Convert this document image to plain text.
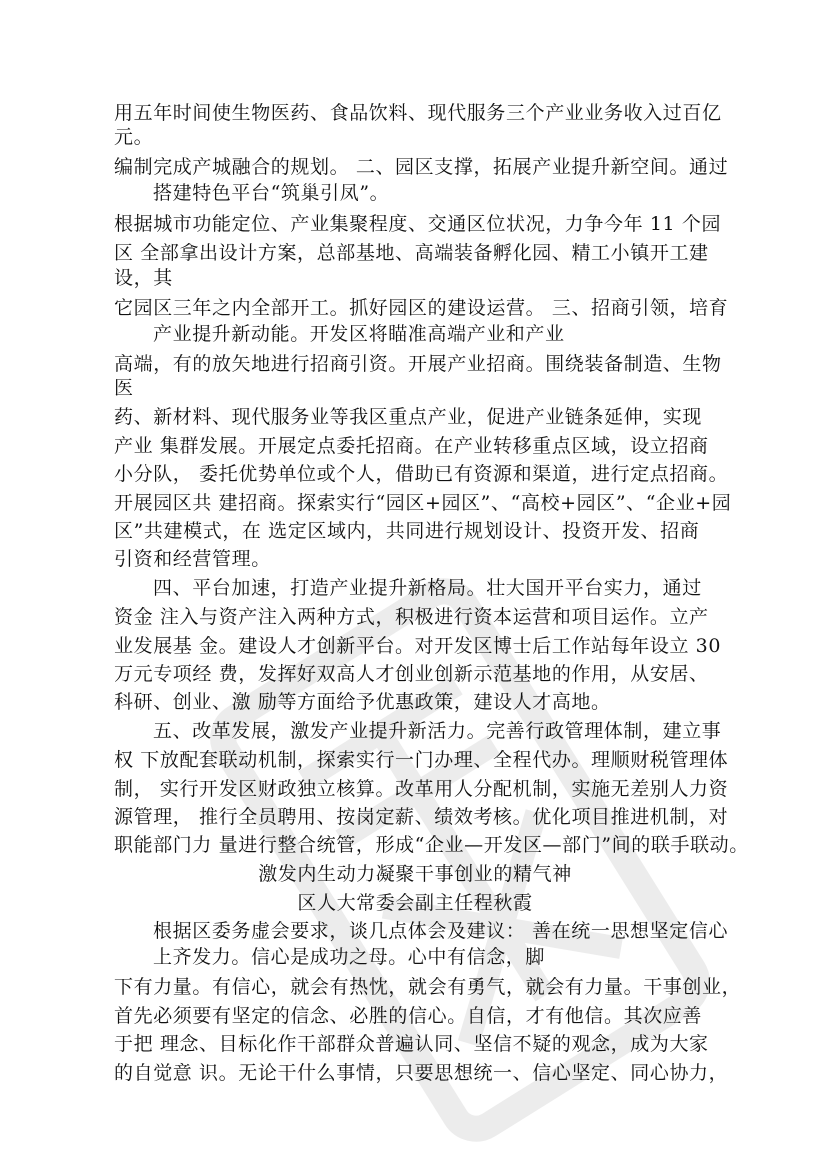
用五年时间使生物医药、食品饮料、现代服务三个产业业务收入过百亿
元。
编制完成产城融合的规划。 二、园区支撑，拓展产业提升新空间。通过
搭建特色平台“筑巢引凤”。
根据城市功能定位、产业集聚程度、交通区位状况，力争今年 11 个园
区 全部拿出设计方案，总部基地、高端装备孵化园、精工小镇开工建
设，其
它园区三年之内全部开工。抓好园区的建设运营。 三、招商引领，培育
产业提升新动能。开发区将瞄准高端产业和产业
高端，有的放矢地进行招商引资。开展产业招商。围绕装备制造、生物
医
药、新材料、现代服务业等我区重点产业，促进产业链条延伸，实现
产业 集群发展。开展定点委托招商。在产业转移重点区域，设立招商
小分队， 委托优势单位或个人，借助已有资源和渠道，进行定点招商。
开展园区共 建招商。探索实行“园区+园区”、“高校+园区”、“企业+园
区”共建模式，在 选定区域内，共同进行规划设计、投资开发、招商
引资和经营管理。
四、平台加速，打造产业提升新格局。壮大国开平台实力，通过
资金 注入与资产注入两种方式，积极进行资本运营和项目运作。立产
业发展基 金。建设人才创新平台。对开发区博士后工作站每年设立 30
万元专项经 费，发挥好双高人才创业创新示范基地的作用，从安居、
科研、创业、激 励等方面给予优惠政策，建设人才高地。
五、改革发展，激发产业提升新活力。完善行政管理体制，建立事
权 下放配套联动机制，探索实行一门办理、全程代办。理顺财税管理体
制， 实行开发区财政独立核算。改革用人分配机制，实施无差别人力资
源管理， 推行全员聘用、按岗定薪、绩效考核。优化项目推进机制，对
职能部门力 量进行整合统管，形成“企业—开发区—部门”间的联手联动。
激发内生动力凝聚干事创业的精气神
区人大常委会副主任程秋霞
根据区委务虚会要求，谈几点体会及建议： 善在统一思想坚定信心
上齐发力。信心是成功之母。心中有信念，脚
下有力量。有信心，就会有热忱，就会有勇气，就会有力量。干事创业，
首先必须要有坚定的信念、必胜的信心。自信，才有他信。其次应善
于把 理念、目标化作干部群众普遍认同、坚信不疑的观念，成为大家
的自觉意 识。无论干什么事情，只要思想统一、信心坚定、同心协力，
